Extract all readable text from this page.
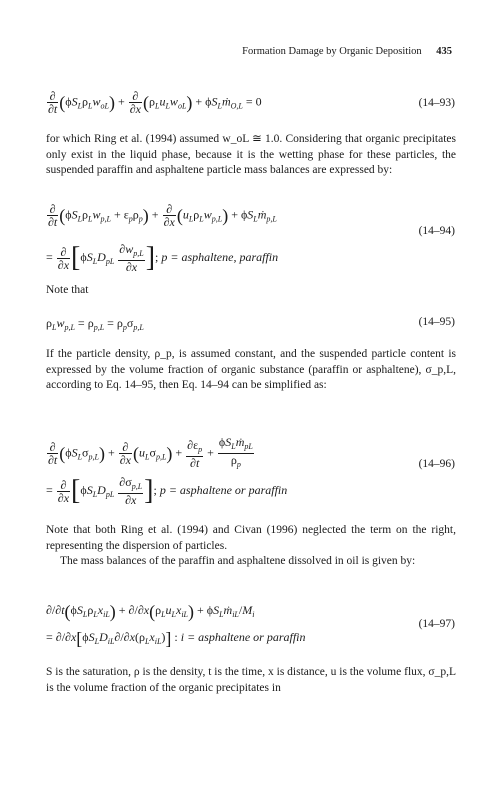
Formation Damage by Organic Deposition 435
$\frac{\partial}{\partial t} (\phi S_L\rho_Lw_{oL}) + \frac{\partial}{\partial x} (\rho_Lu_Lw_{oL})$ + $\phi S_Lṁ_{O,L} = 0$	(14–93)

for which Ring et al. (1994) assumed w_oL ≅ 1.0. Considering that organic precipitates only exist in the liquid phase, because it is the wetting phase for these particles, the suspended paraffin and asphaltene particle mass balances are expressed by:

$\frac{\partial}{\partial t} (\phi S_L\rho_Lw_{p,L} + \varepsilon_p\rho_p) + \frac{\partial}{\partial x} (u_L\rho_Lw_{p,L})$ + $\phi S_Lṁ_{p,L}$
= $\frac{\partial}{\partial x} [\phi S_LD_{pL} \frac{\partial w_{p,L}}{\partial x}$ ]; p = asphaltene, paraffin
(14–94)

Note that

$\rho_Lw_{p,L} = \rho_{p,L} = \rho_p\sigma_{p,L}$	(14–95)

If the particle density, ρ_p, is assumed constant, and the suspended particle content is expressed by the volume fraction of organic substance (paraffin or asphaltene), σ_p,L, according to Eq. 14–95, then Eq. 14–94 can be simplified as:

$\frac{\partial}{\partial t} (\phi S_L\sigma_{p,L}) + \frac{\partial}{\partial x} (u_L\sigma_{p,L}) + \frac{\partial\varepsilon_p}{\partial t} + \frac{\phi S_Lṁ_{pL}}{\rho_p}$
= $\frac{\partial}{\partial x} [\phi S_LD_{pL} \frac{\partial\sigma_{p,L}}{\partial x}$ ]; p = asphaltene or paraffin
(14–96)

Note that both Ring et al. (1994) and Civan (1996) neglected the term on the right, representing the dispersion of particles.

The mass balances of the paraffin and asphaltene dissolved in oil is given by:

$\partial/\partial t(\phi S_L\rho_Lx_{iL}) + \partial/\partial x(\rho_Lu_Lx_{iL})$ + $\phi S_Lṁ_{iL}/M_i$
= $\partial/\partial x[\phi S_LD_{iL}\partial/\partial x(\rho_Lx_{iL})]$ : i = asphaltene or paraffin
(14–97)

S is the saturation, ρ is the density, t is the time, x is distance, u is the volume flux, σ_p,L is the volume fraction of the organic precipitates in
